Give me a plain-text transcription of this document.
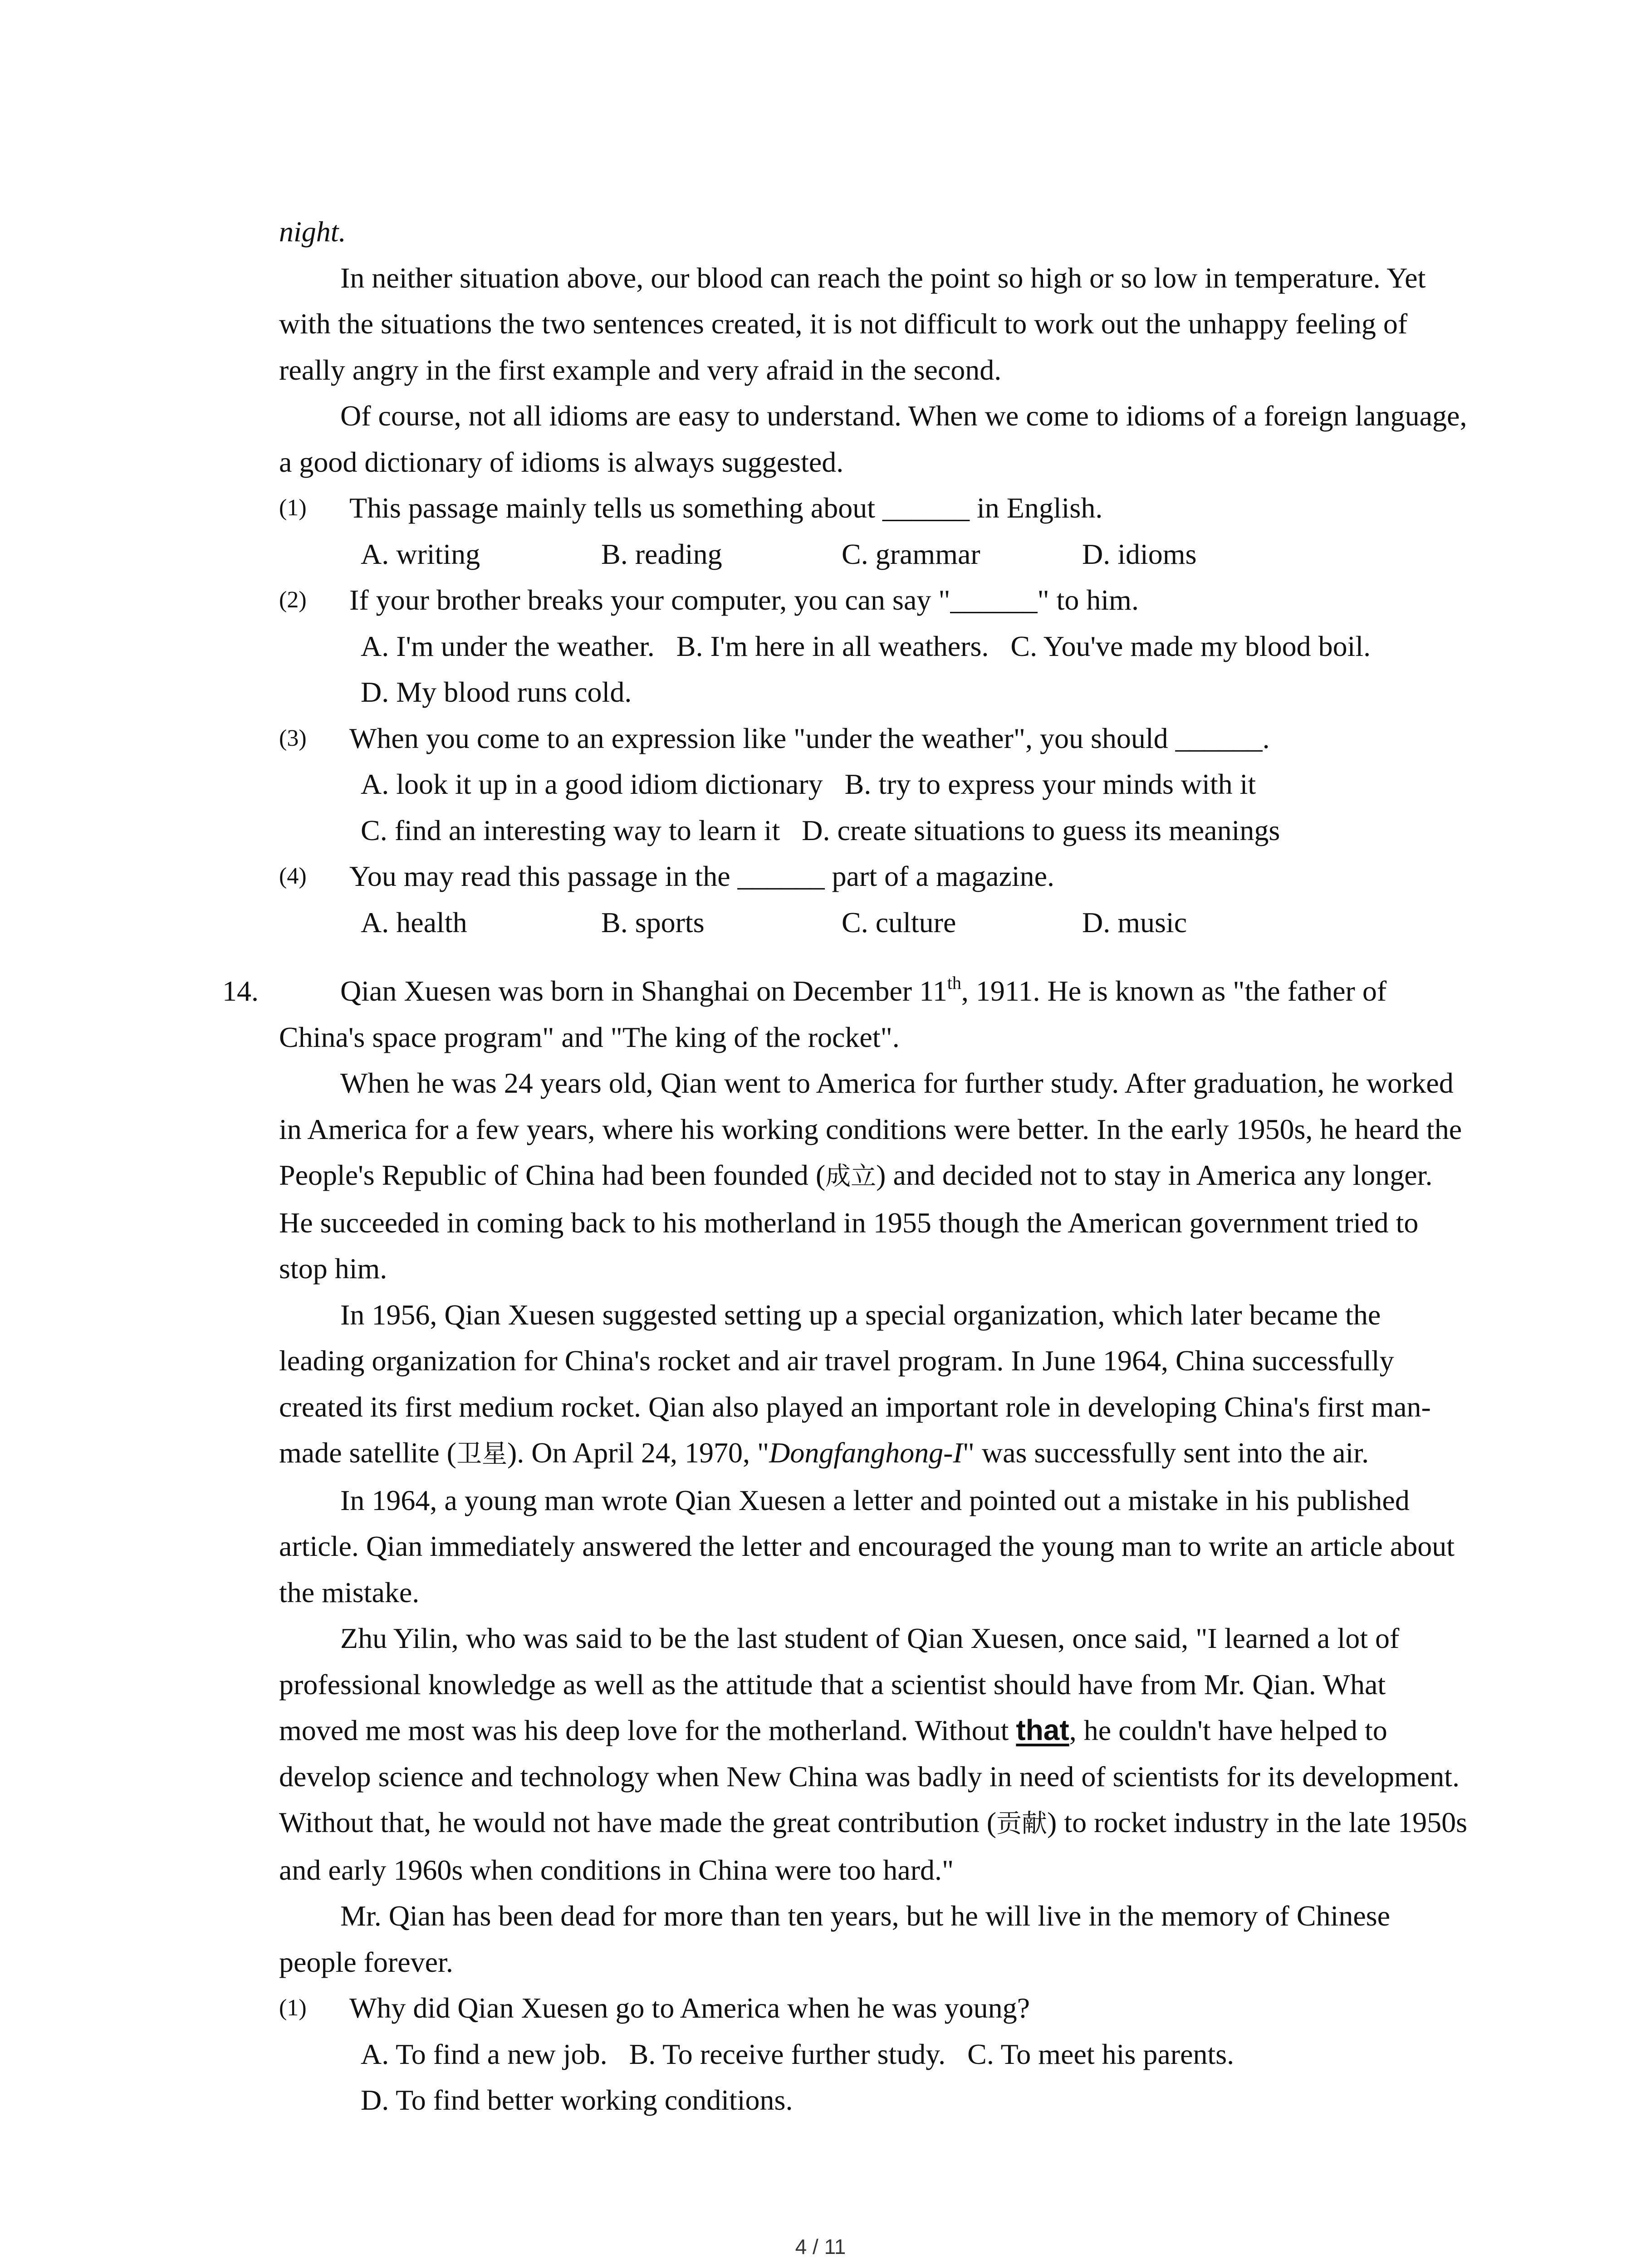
night.

In neither situation above, our blood can reach the point so high or so low in temperature. Yet with the situations the two sentences created, it is not difficult to work out the unhappy feeling of really angry in the first example and very afraid in the second.

Of course, not all idioms are easy to understand. When we come to idioms of a foreign language, a good dictionary of idioms is always suggested.

(1) This passage mainly tells us something about ______ in English.
A. writing	B. reading	C. grammar	D. idioms
(2) If your brother breaks your computer, you can say "______" to him.
A. I'm under the weather. B. I'm here in all weathers. C. You've made my blood boil.
D. My blood runs cold.
(3) When you come to an expression like "under the weather", you should ______.
A. look it up in a good idiom dictionary B. try to express your minds with it
C. find an interesting way to learn it D. create situations to guess its meanings
(4) You may read this passage in the ______ part of a magazine.
A. health	B. sports	C. culture	D. music
14.	Qian Xuesen was born in Shanghai on December 11th, 1911. He is known as "the father of China's space program" and "The king of the rocket".

When he was 24 years old, Qian went to America for further study. After graduation, he worked in America for a few years, where his working conditions were better. In the early 1950s, he heard the People's Republic of China had been founded (成立) and decided not to stay in America any longer. He succeeded in coming back to his motherland in 1955 though the American government tried to stop him.

In 1956, Qian Xuesen suggested setting up a special organization, which later became the leading organization for China's rocket and air travel program. In June 1964, China successfully created its first medium rocket. Qian also played an important role in developing China's first man-made satellite (卫星). On April 24, 1970, "Dongfanghong-I" was successfully sent into the air.

In 1964, a young man wrote Qian Xuesen a letter and pointed out a mistake in his published article. Qian immediately answered the letter and encouraged the young man to write an article about the mistake.

Zhu Yilin, who was said to be the last student of Qian Xuesen, once said, "I learned a lot of professional knowledge as well as the attitude that a scientist should have from Mr. Qian. What moved me most was his deep love for the motherland. Without that, he couldn't have helped to develop science and technology when New China was badly in need of scientists for its development. Without that, he would not have made the great contribution (贡献) to rocket industry in the late 1950s and early 1960s when conditions in China were too hard."

Mr. Qian has been dead for more than ten years, but he will live in the memory of Chinese people forever.

(1) Why did Qian Xuesen go to America when he was young?
A. To find a new job. B. To receive further study. C. To meet his parents.
D. To find better working conditions.
4 / 11
